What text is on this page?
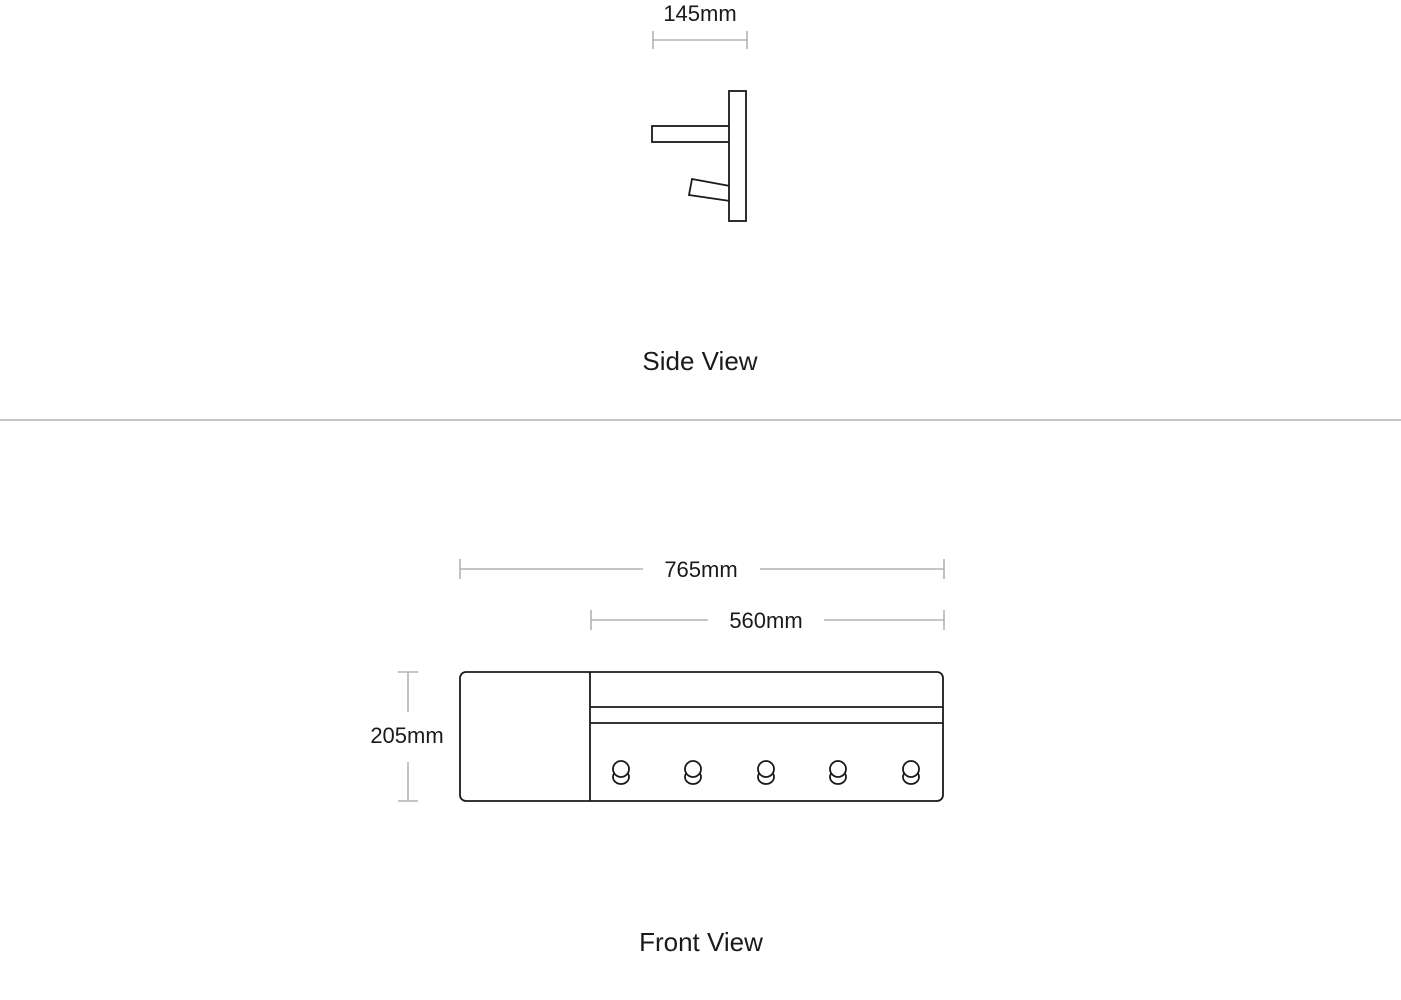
145mm
Side View
765mm
560mm
205mm
Front View
